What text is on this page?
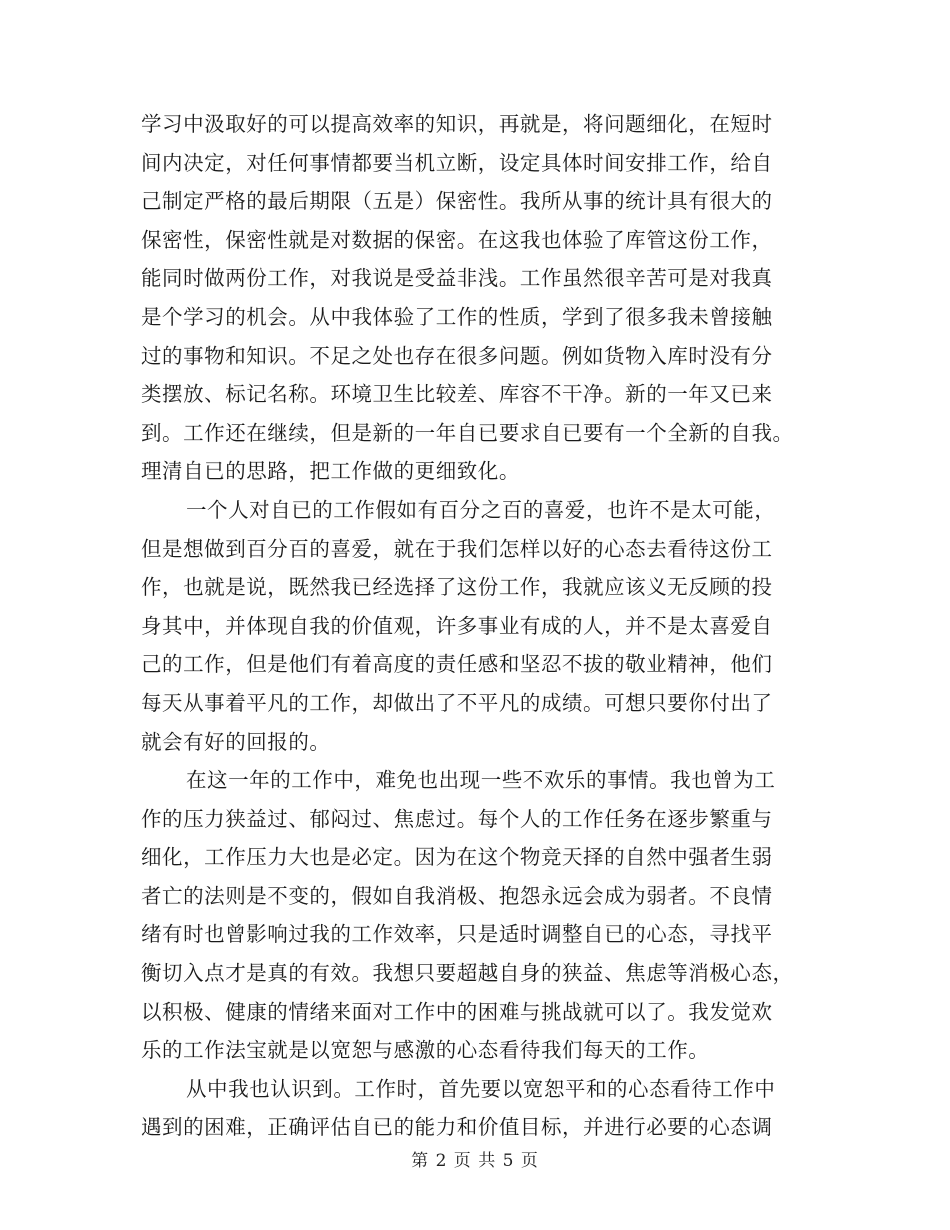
学习中汲取好的可以提高效率的知识，再就是，将问题细化，在短时
间内决定，对任何事情都要当机立断，设定具体时间安排工作，给自
己制定严格的最后期限（五是）保密性。我所从事的统计具有很大的
保密性，保密性就是对数据的保密。在这我也体验了库管这份工作，
能同时做两份工作，对我说是受益非浅。工作虽然很辛苦可是对我真
是个学习的机会。从中我体验了工作的性质，学到了很多我未曾接触
过的事物和知识。不足之处也存在很多问题。例如货物入库时没有分
类摆放、标记名称。环境卫生比较差、库容不干净。新的一年又已来
到。工作还在继续，但是新的一年自已要求自已要有一个全新的自我。
理清自已的思路，把工作做的更细致化。
一个人对自已的工作假如有百分之百的喜爱，也许不是太可能，
但是想做到百分百的喜爱，就在于我们怎样以好的心态去看待这份工
作，也就是说，既然我已经选择了这份工作，我就应该义无反顾的投
身其中，并体现自我的价值观，许多事业有成的人，并不是太喜爱自
己的工作，但是他们有着高度的责任感和坚忍不拔的敬业精神，他们
每天从事着平凡的工作，却做出了不平凡的成绩。可想只要你付出了
就会有好的回报的。
在这一年的工作中，难免也出现一些不欢乐的事情。我也曾为工
作的压力狭益过、郁闷过、焦虑过。每个人的工作任务在逐步繁重与
细化，工作压力大也是必定。因为在这个物竞天择的自然中强者生弱
者亡的法则是不变的，假如自我消极、抱怨永远会成为弱者。不良情
绪有时也曾影响过我的工作效率，只是适时调整自已的心态，寻找平
衡切入点才是真的有效。我想只要超越自身的狭益、焦虑等消极心态，
以积极、健康的情绪来面对工作中的困难与挑战就可以了。我发觉欢
乐的工作法宝就是以宽恕与感激的心态看待我们每天的工作。
从中我也认识到。工作时，首先要以宽恕平和的心态看待工作中
遇到的困难，正确评估自已的能力和价值目标，并进行必要的心态调
第 2 页 共 5 页
